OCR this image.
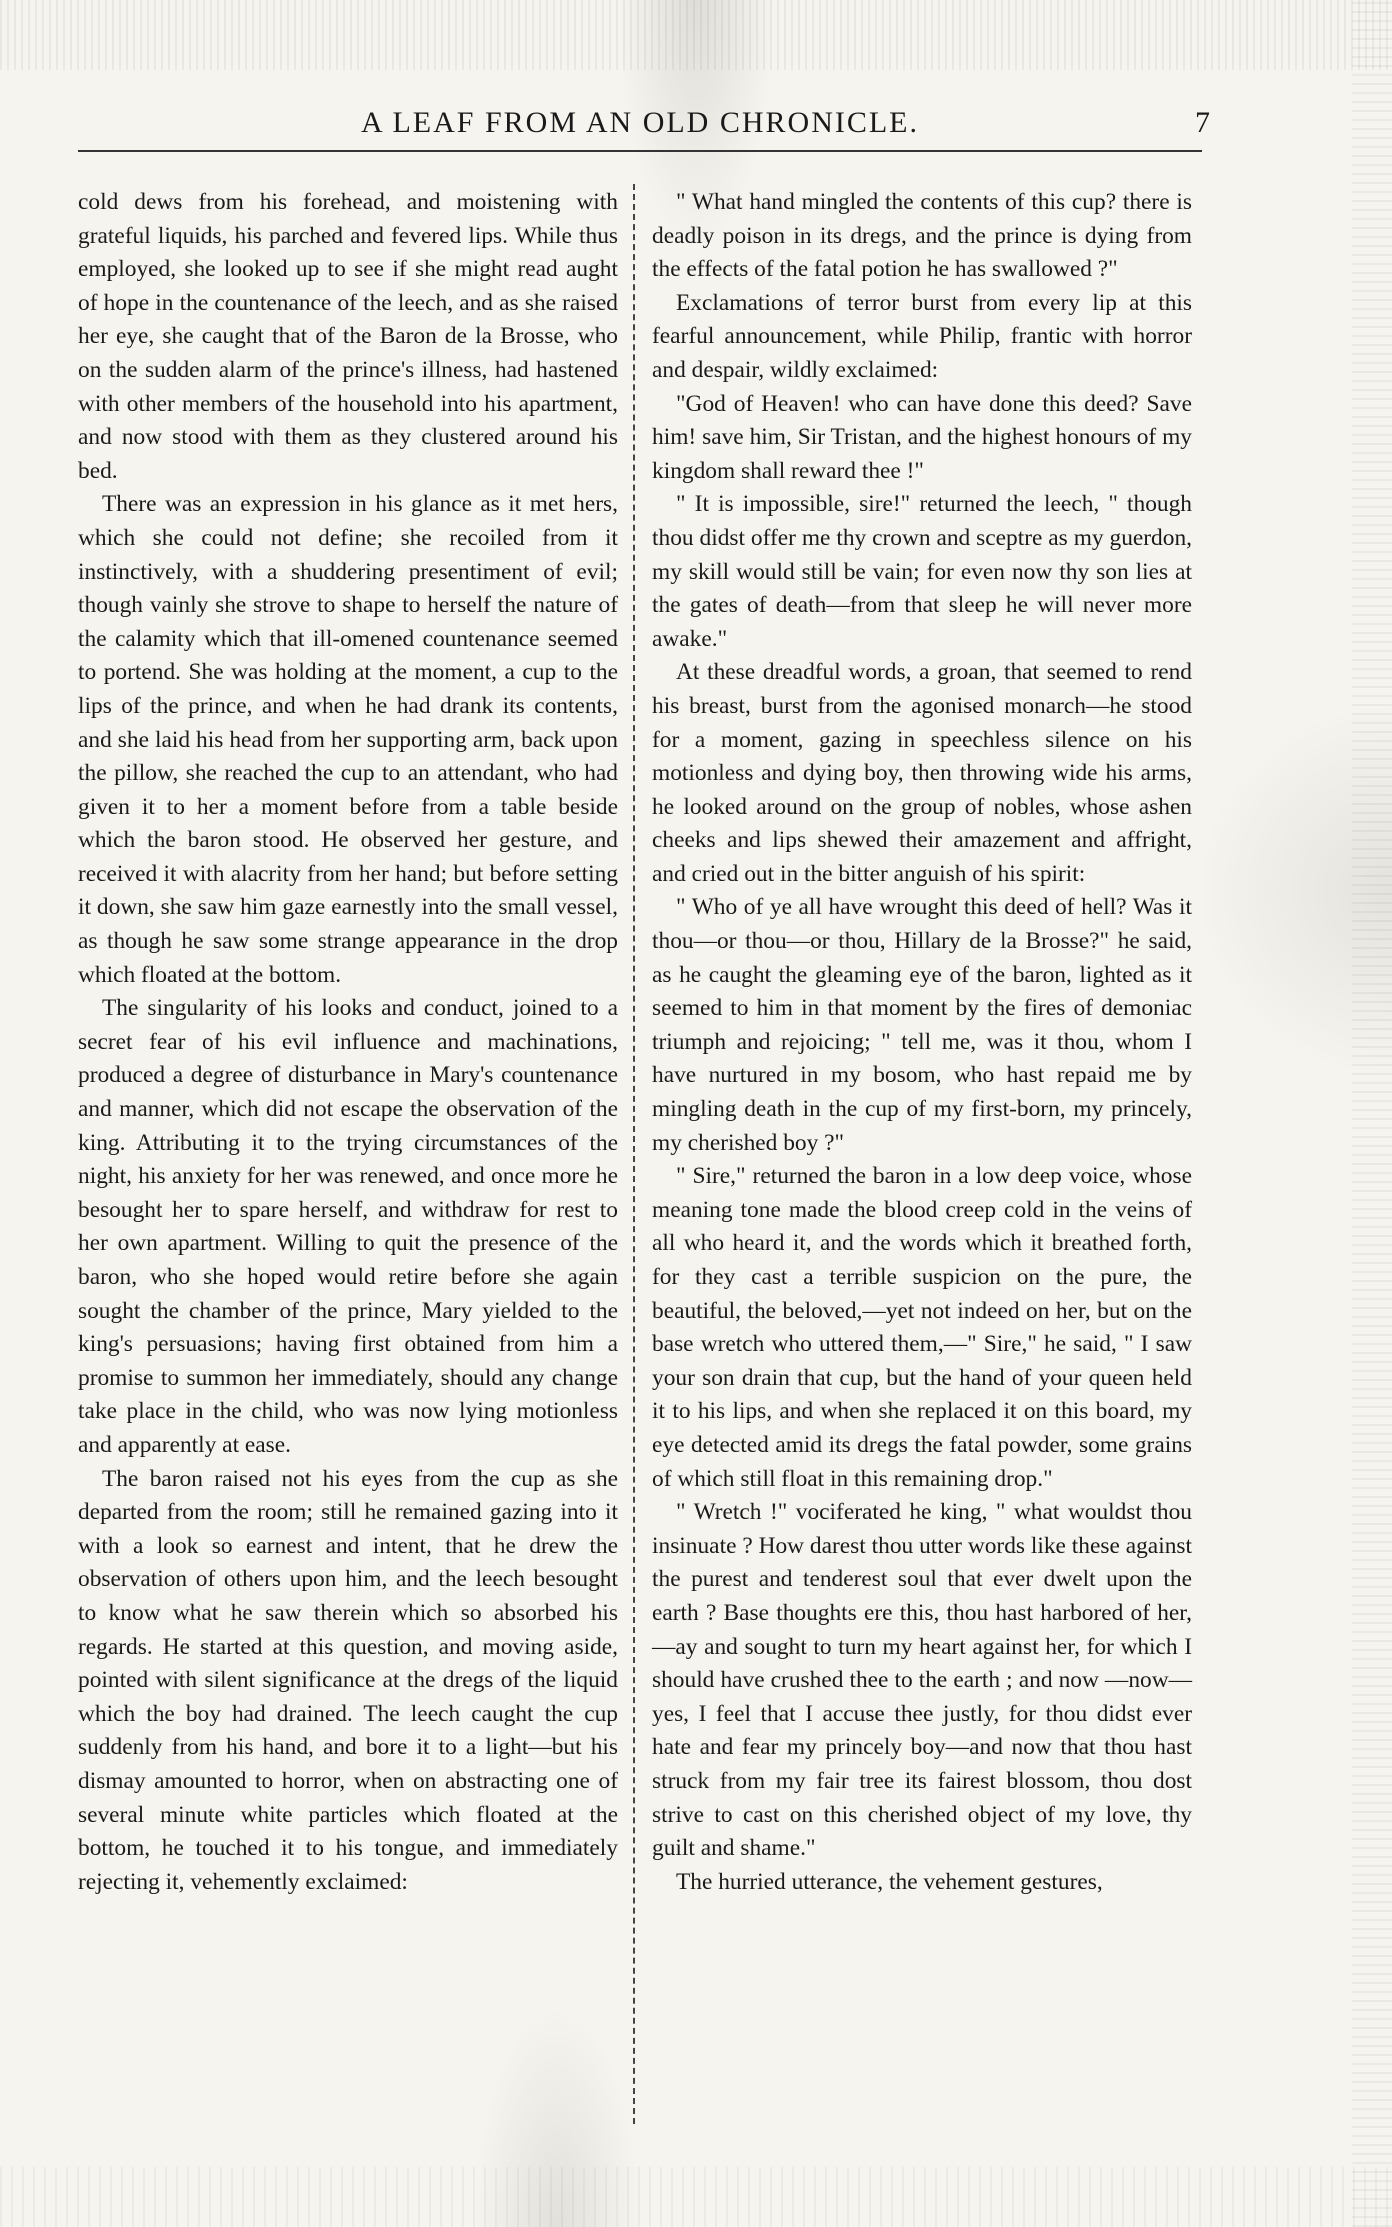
A LEAF FROM AN OLD CHRONICLE.	7

cold dews from his forehead, and moistening with grateful liquids, his parched and fevered lips. While thus employed, she looked up to see if she might read aught of hope in the countenance of the leech, and as she raised her eye, she caught that of the Baron de la Brosse, who on the sudden alarm of the prince's illness, had hastened with other members of the household into his apartment, and now stood with them as they clustered around his bed.

There was an expression in his glance as it met hers, which she could not define; she recoiled from it instinctively, with a shuddering presentiment of evil; though vainly she strove to shape to herself the nature of the calamity which that ill-omened countenance seemed to portend. She was holding at the moment, a cup to the lips of the prince, and when he had drank its contents, and she laid his head from her supporting arm, back upon the pillow, she reached the cup to an attendant, who had given it to her a moment before from a table beside which the baron stood. He observed her gesture, and received it with alacrity from her hand; but before setting it down, she saw him gaze earnestly into the small vessel, as though he saw some strange appearance in the drop which floated at the bottom.

The singularity of his looks and conduct, joined to a secret fear of his evil influence and machinations, produced a degree of disturbance in Mary's countenance and manner, which did not escape the observation of the king. Attributing it to the trying circumstances of the night, his anxiety for her was renewed, and once more he besought her to spare herself, and withdraw for rest to her own apartment. Willing to quit the presence of the baron, who she hoped would retire before she again sought the chamber of the prince, Mary yielded to the king's persuasions; having first obtained from him a promise to summon her immediately, should any change take place in the child, who was now lying motionless and apparently at ease.

The baron raised not his eyes from the cup as she departed from the room; still he remained gazing into it with a look so earnest and intent, that he drew the observation of others upon him, and the leech besought to know what he saw therein which so absorbed his regards. He started at this question, and moving aside, pointed with silent significance at the dregs of the liquid which the boy had drained. The leech caught the cup suddenly from his hand, and bore it to a light—but his dismay amounted to horror, when on abstracting one of several minute white particles which floated at the bottom, he touched it to his tongue, and immediately rejecting it, vehemently exclaimed:

" What hand mingled the contents of this cup? there is deadly poison in its dregs, and the prince is dying from the effects of the fatal potion he has swallowed ?"

Exclamations of terror burst from every lip at this fearful announcement, while Philip, frantic with horror and despair, wildly exclaimed:

"God of Heaven! who can have done this deed? Save him! save him, Sir Tristan, and the highest honours of my kingdom shall reward thee !"

" It is impossible, sire!" returned the leech, " though thou didst offer me thy crown and sceptre as my guerdon, my skill would still be vain; for even now thy son lies at the gates of death—from that sleep he will never more awake."

At these dreadful words, a groan, that seemed to rend his breast, burst from the agonised monarch—he stood for a moment, gazing in speechless silence on his motionless and dying boy, then throwing wide his arms, he looked around on the group of nobles, whose ashen cheeks and lips shewed their amazement and affright, and cried out in the bitter anguish of his spirit:

" Who of ye all have wrought this deed of hell? Was it thou—or thou—or thou, Hillary de la Brosse?" he said, as he caught the gleaming eye of the baron, lighted as it seemed to him in that moment by the fires of demoniac triumph and rejoicing; " tell me, was it thou, whom I have nurtured in my bosom, who hast repaid me by mingling death in the cup of my first-born, my princely, my cherished boy ?"

" Sire," returned the baron in a low deep voice, whose meaning tone made the blood creep cold in the veins of all who heard it, and the words which it breathed forth, for they cast a terrible suspicion on the pure, the beautiful, the beloved,—yet not indeed on her, but on the base wretch who uttered them,—" Sire," he said, " I saw your son drain that cup, but the hand of your queen held it to his lips, and when she replaced it on this board, my eye detected amid its dregs the fatal powder, some grains of which still float in this remaining drop."

" Wretch !" vociferated he king, " what wouldst thou insinuate ? How darest thou utter words like these against the purest and tenderest soul that ever dwelt upon the earth ? Base thoughts ere this, thou hast harbored of her,—ay and sought to turn my heart against her, for which I should have crushed thee to the earth ; and now —now—yes, I feel that I accuse thee justly, for thou didst ever hate and fear my princely boy—and now that thou hast struck from my fair tree its fairest blossom, thou dost strive to cast on this cherished object of my love, thy guilt and shame."

The hurried utterance, the vehement gestures,
